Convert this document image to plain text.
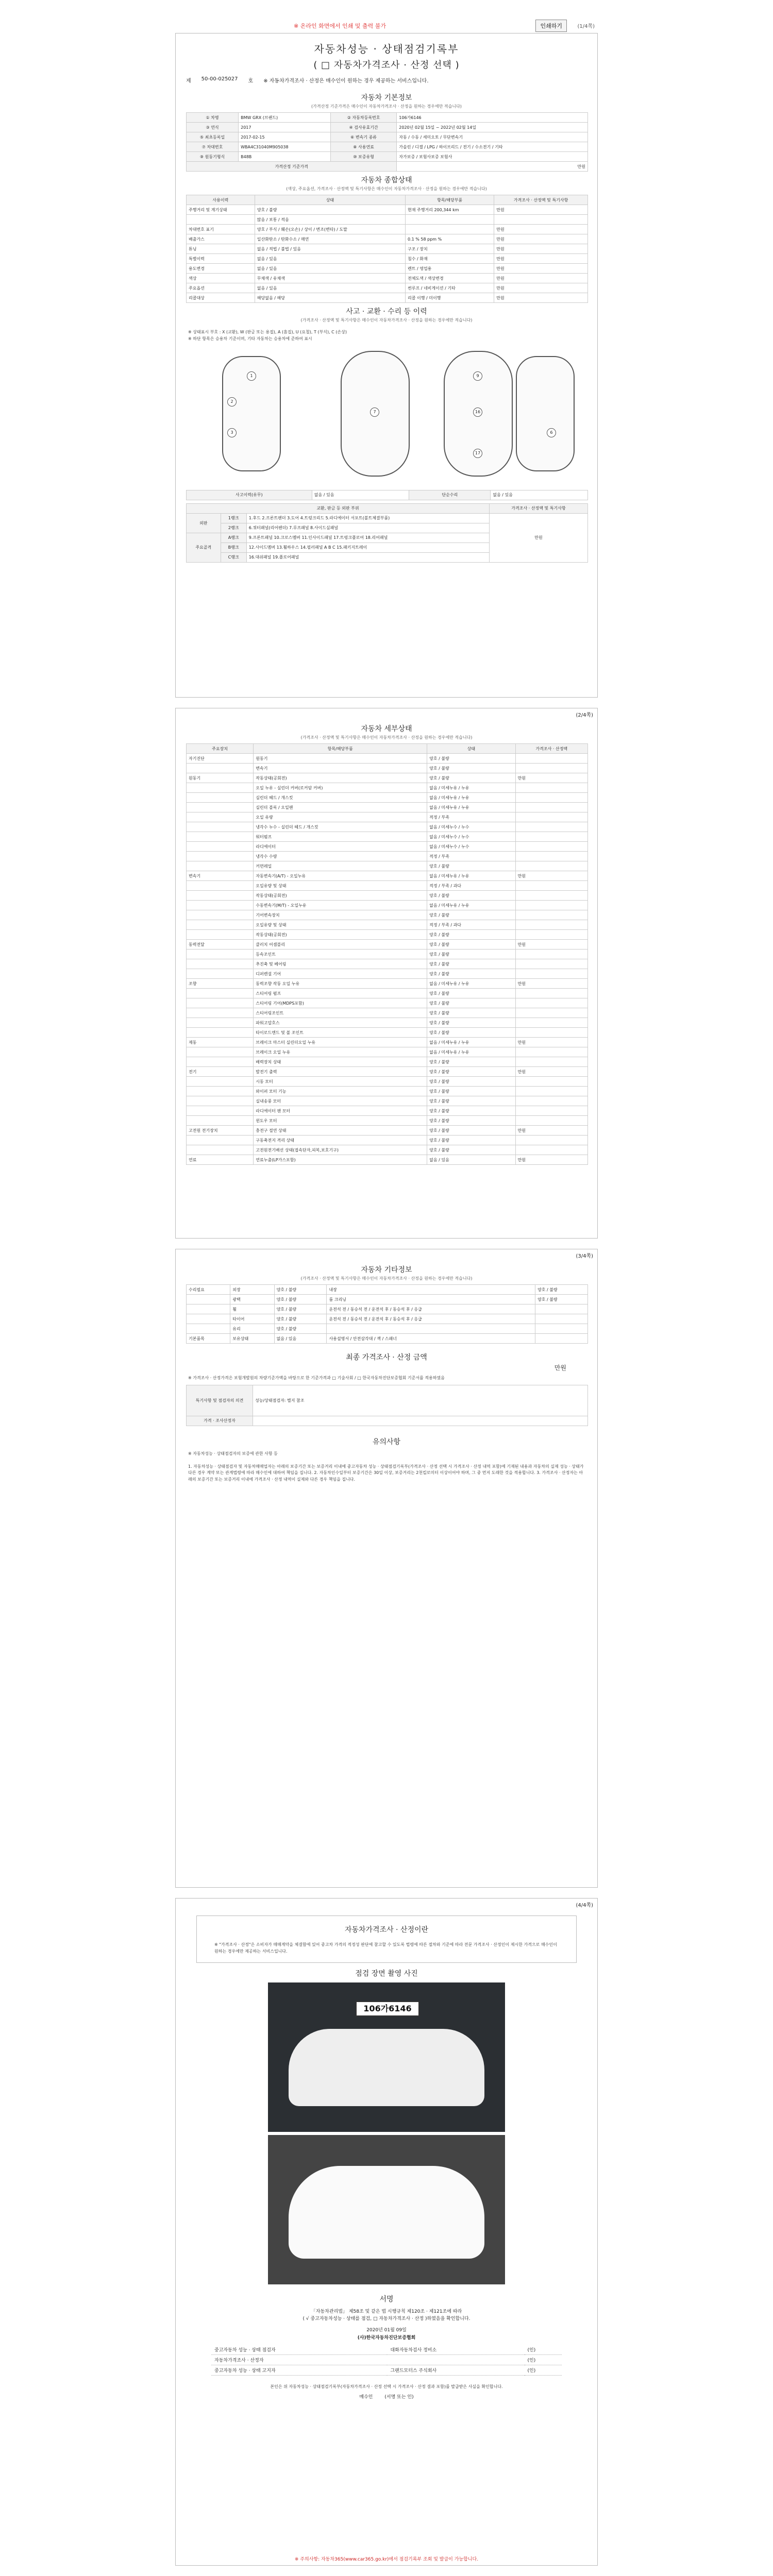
※ 온라인 화면에서 인쇄 및 출력 불가	인쇄하기	(1/4쪽)
자동차성능 · 상태점검기록부
( □ 자동차가격조사 · 산정 선택 )
제 50-00-025027 호 ※ 자동차가격조사 · 산정은 매수인이 원하는 경우 제공하는 서비스입니다.
자동차 기본정보
(가격산정 기준가격은 매수인이 자동차가격조사 · 산정을 원하는 경우에만 적습니다)
① 차명	BMW GRX (브랜드)	② 자동차등록번호	106가6146
③ 연식	2017	④ 검사유효기간	2020년 02월 15일 ~ 2022년 02월 14일
⑤ 최초등록일	2017-02-15	⑥ 변속기 종류	자동 / 수동 / 세미오토 / 무단변속기
⑦ 차대번호	WBA4C31040M905038	⑧ 사용연료	가솔린 / 디젤 / LPG / 하이브리드 / 전기 / 수소전기 / 기타
⑨ 원동기형식	B48B	⑩ 보증유형	자가보증 / 보험사보증 보험사
가격산정 기준가격			만원
자동차 종합상태
(색상, 주요옵션, 가격조사 · 산정액 및 특기사항은 매수인이 자동차가격조사 · 산정을 원하는 경우에만 적습니다)
사용이력	상태	항목/해당부품	가격조사 · 산정액 및 특기사항
주행거리 및 계기상태	양호 / 불량	현재 주행거리 200,344 km	만원
	많음 / 보통 / 적음		
차대번호 표기	양호 / 부식 / 훼손(오손) / 상이 / 변조(변타) / 도말		만원
배출가스	일산화탄소 / 탄화수소 / 매연	0.1 % 58 ppm %	만원
튜닝	없음 / 적법 / 불법 / 있음	구조 / 장치	만원
특별이력	없음 / 있음	침수 / 화재	만원
용도변경	없음 / 있음	렌트 / 영업용	만원
색상	무채색 / 유채색	전체도색 / 색상변경	만원
주요옵션	없음 / 있음	썬루프 / 네비게이션 / 기타	만원
리콜대상	해당없음 / 해당	리콜 이행 / 미이행	만원
사고 · 교환 · 수리 등 이력
(가격조사 · 산정액 및 특기사항은 매수인이 자동차가격조사 · 산정을 원하는 경우에만 적습니다)
※ 상태표시 부호 : X (교환), W (판금 또는 용접), A (흠집), U (요철), T (부식), C (손상)
※ 하단 항목은 승용차 기준이며, 기타 자동차는 승용차에 준하여 표시
1
2
3
7
9
16
17
6
사고이력(유무)	없음 / 있음	단순수리	없음 / 있음
교환, 판금 등 외판 부위			가격조사 · 산정액 및 특기사항
외판	1랭크	1.후드 2.프론트펜더 3.도어 4.트렁크리드 5.라디에이터 서포트(볼트체결부품)	만원
	2랭크	6.쿼터패널(리어펜더) 7.루프패널 8.사이드실패널	
주요골격	A랭크	9.프론트패널 10.크로스멤버 11.인사이드패널 17.트렁크플로어 18.리어패널	
	B랭크	12.사이드멤버 13.휠하우스 14.필러패널 A B C 15.패키지트레이	
	C랭크	16.대쉬패널 19.플로어패널	
(2/4쪽)
자동차 세부상태
(가격조사 · 산정액 및 특기사항은 매수인이 자동차가격조사 · 산정을 원하는 경우에만 적습니다)
주요장치	항목/해당부품	상태	가격조사 · 산정액
자기진단	원동기	양호 / 불량	
	변속기	양호 / 불량	
원동기	작동상태(공회전)	양호 / 불량	만원
	오일 누유 - 실린더 커버(로커암 커버)	없음 / 미세누유 / 누유	
	실린더 헤드 / 개스킷	없음 / 미세누유 / 누유	
	실린더 블록 / 오일팬	없음 / 미세누유 / 누유	
	오일 유량	적정 / 부족	
	냉각수 누수 - 실린더 헤드 / 개스킷	없음 / 미세누수 / 누수	
	워터펌프	없음 / 미세누수 / 누수	
	라디에이터	없음 / 미세누수 / 누수	
	냉각수 수량	적정 / 부족	
	커먼레일	양호 / 불량	
변속기	자동변속기(A/T) - 오일누유	없음 / 미세누유 / 누유	만원
	오일유량 및 상태	적정 / 부족 / 과다	
	작동상태(공회전)	양호 / 불량	
	수동변속기(M/T) - 오일누유	없음 / 미세누유 / 누유	
	기어변속장치	양호 / 불량	
	오일유량 및 상태	적정 / 부족 / 과다	
	작동상태(공회전)	양호 / 불량	
동력전달	클러치 어셈블리	양호 / 불량	만원
	등속조인트	양호 / 불량	
	추진축 및 베어링	양호 / 불량	
	디퍼렌셜 기어	양호 / 불량	
조향	동력조향 작동 오일 누유	없음 / 미세누유 / 누유	만원
	스티어링 펌프	양호 / 불량	
	스티어링 기어(MDPS포함)	양호 / 불량	
	스티어링조인트	양호 / 불량	
	파워고압호스	양호 / 불량	
	타이로드엔드 및 볼 조인트	양호 / 불량	
제동	브레이크 마스터 실린더오일 누유	없음 / 미세누유 / 누유	만원
	브레이크 오일 누유	없음 / 미세누유 / 누유	
	배력장치 상태	양호 / 불량	
전기	발전기 출력	양호 / 불량	만원
	시동 모터	양호 / 불량	
	와이퍼 모터 기능	양호 / 불량	
	실내송풍 모터	양호 / 불량	
	라디에이터 팬 모터	양호 / 불량	
	윈도우 모터	양호 / 불량	
고전원 전기장치	충전구 절연 상태	양호 / 불량	만원
	구동축전지 격리 상태	양호 / 불량	
	고전원전기배선 상태(접속단자,피복,보호기구)	양호 / 불량	
연료	연료누출(LP가스포함)	없음 / 있음	만원
(3/4쪽)
자동차 기타정보
(가격조사 · 산정액 및 특기사항은 매수인이 자동차가격조사 · 산정을 원하는 경우에만 적습니다)
수리필요	외장	양호 / 불량	내장	양호 / 불량
	광택	양호 / 불량	룸 크리닝	양호 / 불량
	휠	양호 / 불량	운전석 전 / 동승석 전 / 운전석 후 / 동승석 후 / 응급	
	타이어	양호 / 불량	운전석 전 / 동승석 전 / 운전석 후 / 동승석 후 / 응급	
	유리	양호 / 불량		
기본품목	보유상태	없음 / 있음	사용설명서 / 안전삼각대 / 잭 / 스패너	
최종 가격조사 · 산정 금액
만원
※ 가격조사 · 산정가격은 보험개발원의 차량기준가액을 바탕으로 한 기준가격과 □ 기술사회 / □ 한국자동차진단보증협회 기준서를 적용하였음
특기사항 및 점검자의 의견	성능/상태점검자: 별지 참조
가격 · 조사산정자	
유의사항
※ 자동차성능 · 상태점검자의 보증에 관한 사항 등
1. 자동차성능 · 상태점검자 및 자동차매매업자는 아래의 보증기간 또는 보증거리 이내에 중고자동차 성능 · 상태점검기록부(가격조사 · 산정 선택 시 가격조사 · 산정 내역 포함)에 기재된 내용과 자동차의 실제 성능 · 상태가 다른 경우 계약 또는 관계법령에 따라 매수인에 대하여 책임을 집니다. 2. 자동차인수일부터 보증기간은 30일 이상, 보증거리는 2천킬로미터 이상이어야 하며, 그 중 먼저 도래한 것을 적용합니다. 3. 가격조사 · 산정자는 아래의 보증기간 또는 보증거리 이내에 가격조사 · 산정 내역이 실제와 다른 경우 책임을 집니다.
(4/4쪽)
자동차가격조사 · 산정이란
※ "가격조사 · 산정"은 소비자가 매매계약을 체결함에 있어 중고차 가격의 적정성 판단에 참고할 수 있도록 법령에 따른 절차와 기준에 따라 전문 가격조사 · 산정인이 제시한 가격으로 매수인이 원하는 경우에만 제공하는 서비스입니다.
점검 장면 촬영 사진
106가6146
서명
「자동차관리법」 제58조 및 같은 법 시행규칙 제120조 · 제121조에 따라
( √ 중고자동차성능 · 상태를 점검, □ 자동차가격조사 · 산정 )하였음을 확인합니다.
2020년 01월 09일
(사)한국자동차진단보증협회
중고자동차 성능 · 상태 점검자	대화자동차검사 정비소	(인)
자동차가격조사 · 산정자		(인)
중고자동차 성능 · 상태 고지자	그랜드모터스 주식회사	(인)
본인은 위 자동차성능 · 상태점검기록부(자동차가격조사 · 산정 선택 시 가격조사 · 산정 결과 포함)를 발급받은 사실을 확인합니다.
매수인	(서명 또는 인)
※ 주의사항: 자동차365(www.car365.go.kr)에서 점검기록부 조회 및 발급이 가능합니다.
